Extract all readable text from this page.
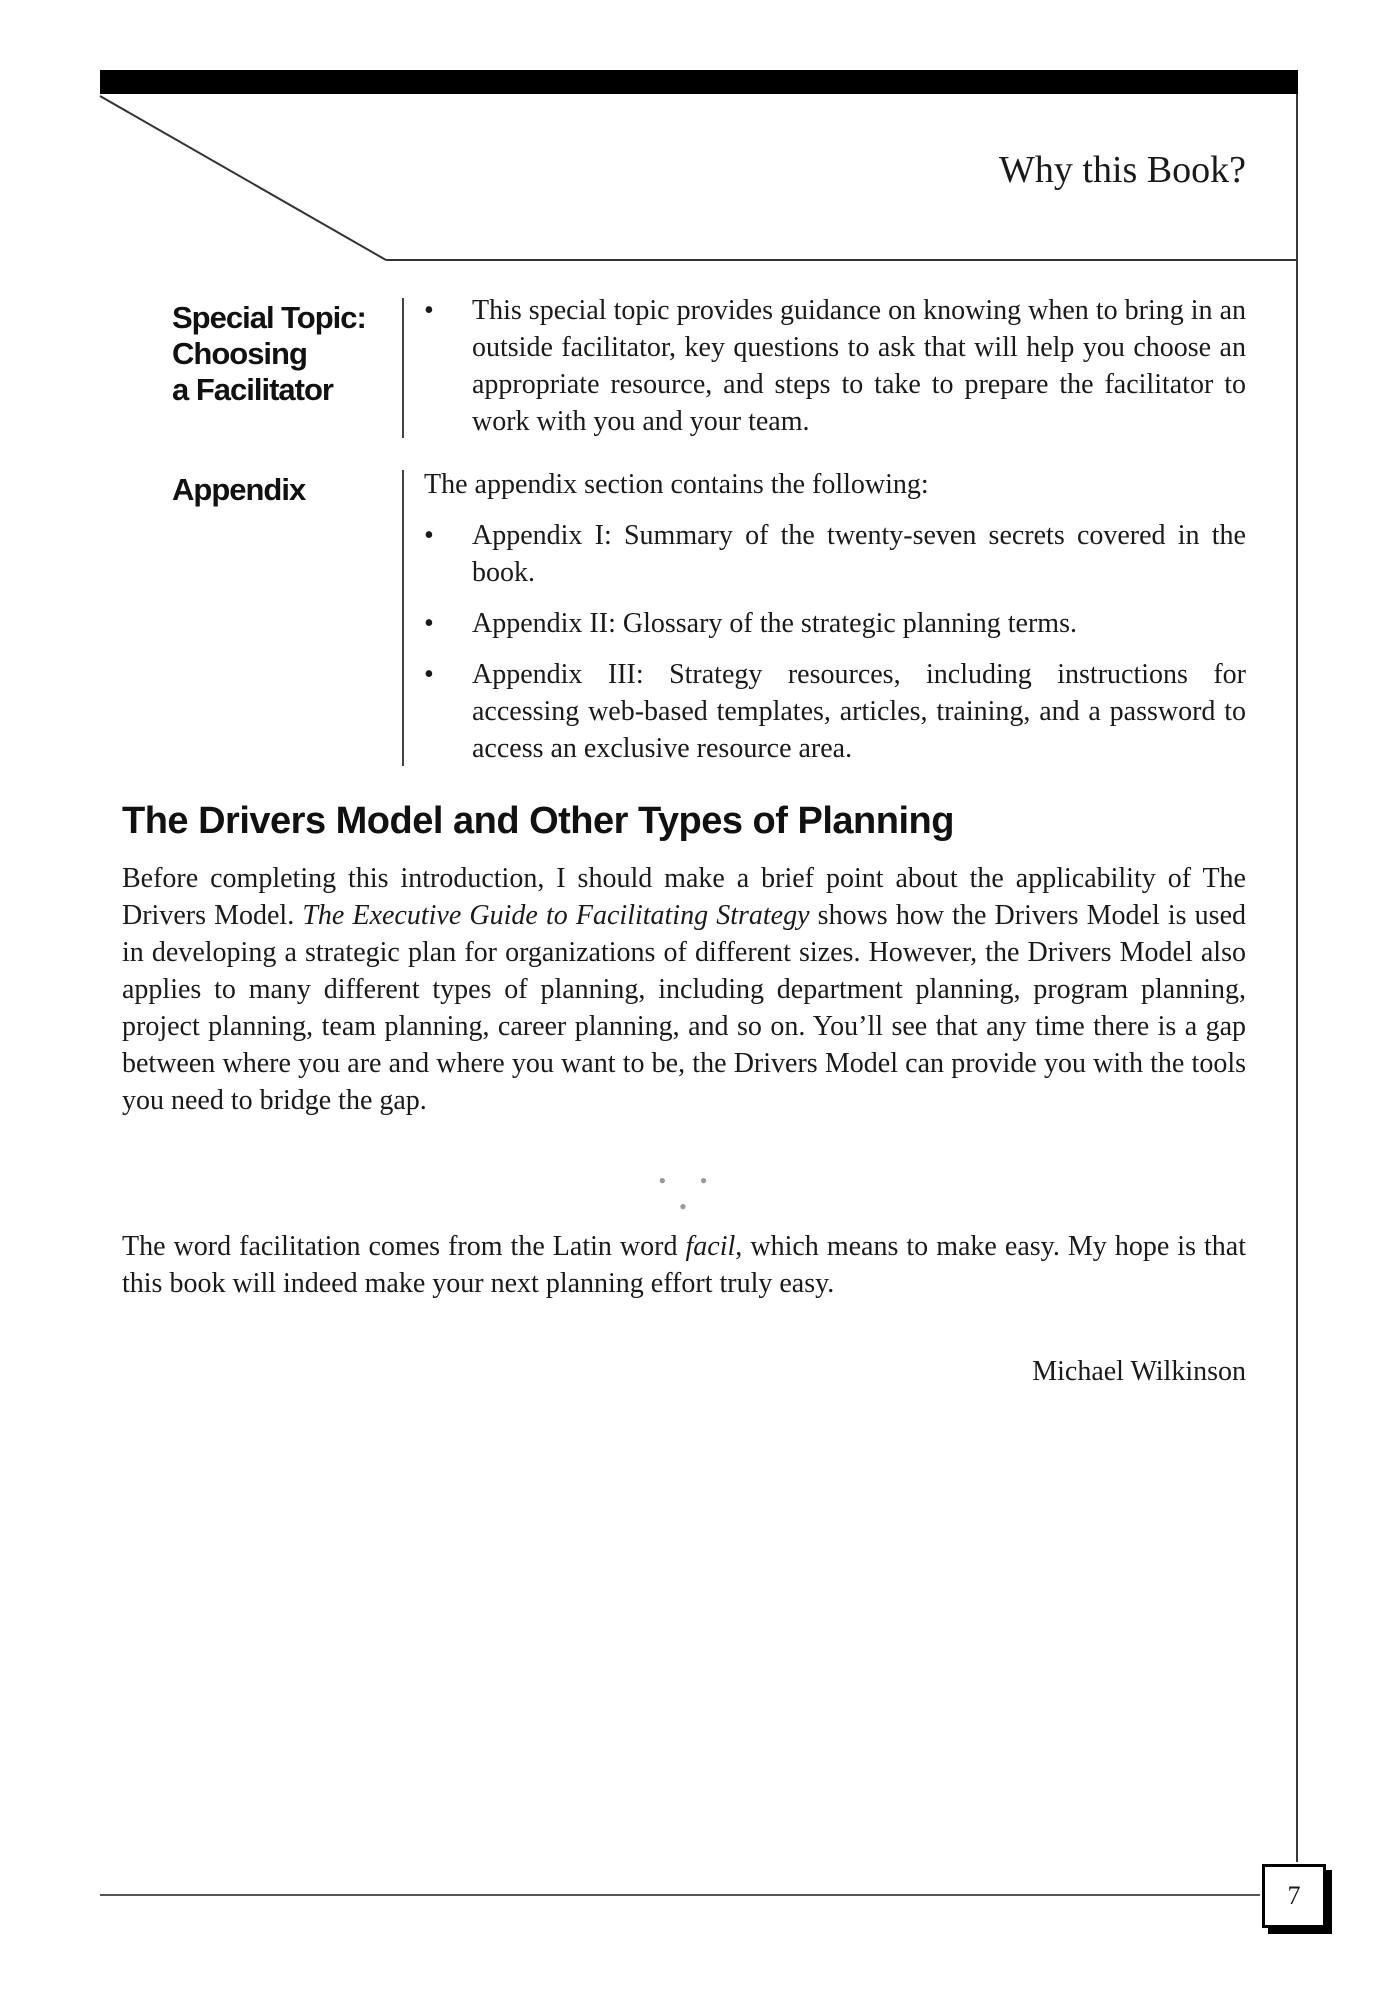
Why this Book?
Special Topic:
Choosing
a Facilitator
• This special topic provides guidance on knowing when to bring in an outside facilitator, key questions to ask that will help you choose an appropriate resource, and steps to take to prepare the facilitator to work with you and your team.
Appendix	The appendix section contains the following:

• Appendix I: Summary of the twenty-seven secrets covered in the book.
• Appendix II: Glossary of the strategic planning terms.
• Appendix III: Strategy resources, including instructions for accessing web-based templates, articles, training, and a password to access an exclusive resource area.
The Drivers Model and Other Types of Planning

Before completing this introduction, I should make a brief point about the applicability of The Drivers Model. The Executive Guide to Facilitating Strategy shows how the Drivers Model is used in developing a strategic plan for organizations of different sizes. However, the Drivers Model also applies to many different types of planning, including department planning, program planning, project planning, team planning, career planning, and so on. You’ll see that any time there is a gap between where you are and where you want to be, the Drivers Model can provide you with the tools you need to bridge the gap.

• • •

The word facilitation comes from the Latin word facil, which means to make easy. My hope is that this book will indeed make your next planning effort truly easy.

Michael Wilkinson
7
